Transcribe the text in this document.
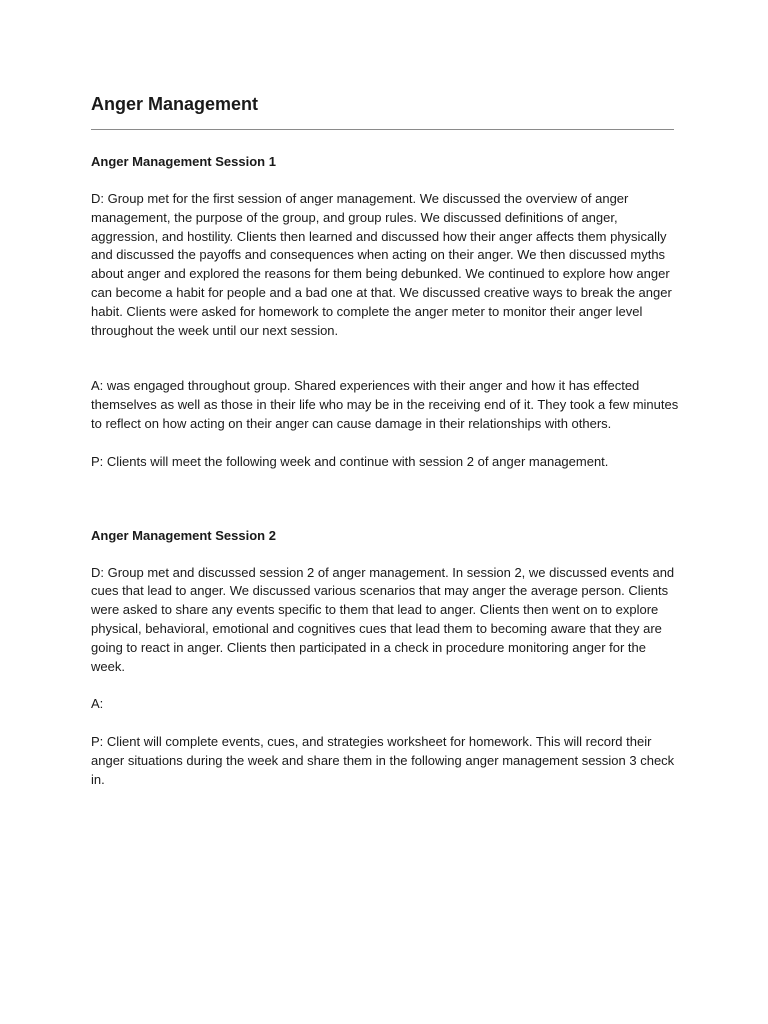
Anger Management
Anger Management Session 1

D: Group met for the first session of anger management. We discussed the overview of anger management, the purpose of the group, and group rules. We discussed definitions of anger, aggression, and hostility. Clients then learned and discussed how their anger affects them physically and discussed the payoffs and consequences when acting on their anger. We then discussed myths about anger and explored the reasons for them being debunked. We continued to explore how anger can become a habit for people and a bad one at that. We discussed creative ways to break the anger habit. Clients were asked for homework to complete the anger meter to monitor their anger level throughout the week until our next session.

A: was engaged throughout group. Shared experiences with their anger and how it has effected themselves as well as those in their life who may be in the receiving end of it. They took a few minutes to reflect on how acting on their anger can cause damage in their relationships with others.

P: Clients will meet the following week and continue with session 2 of anger management.

Anger Management Session 2

D: Group met and discussed session 2 of anger management. In session 2, we discussed events and cues that lead to anger. We discussed various scenarios that may anger the average person. Clients were asked to share any events specific to them that lead to anger. Clients then went on to explore physical, behavioral, emotional and cognitives cues that lead them to becoming aware that they are going to react in anger. Clients then participated in a check in procedure monitoring anger for the week.

A:

P: Client will complete events, cues, and strategies worksheet for homework. This will record their anger situations during the week and share them in the following anger management session 3 check in.
